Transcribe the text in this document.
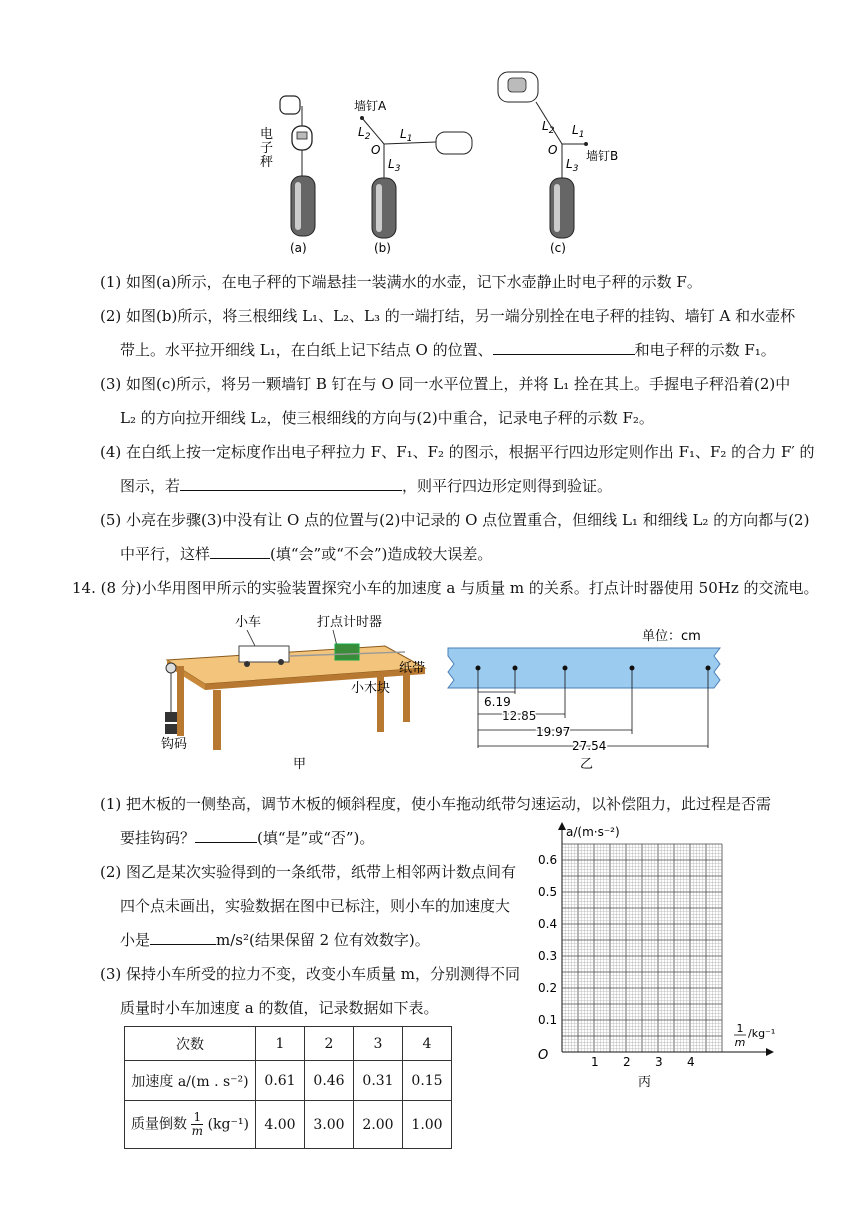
电
子
秤
(a)
墙钉A
$L_2$ $L_1$
O
$L_3$
(b)
墙钉B
$L_2$ $L_1$
O
$L_3$
(c)
(1) 如图(a)所示，在电子秤的下端悬挂一装满水的水壶，记下水壶静止时电子秤的示数 F。
(2) 如图(b)所示，将三根细线 L₁、L₂、L₃ 的一端打结，另一端分别拴在电子秤的挂钩、墙钉 A 和水壶杯
带上。水平拉开细线 L₁，在白纸上记下结点 O 的位置、	和电子秤的示数 F₁。
(3) 如图(c)所示，将另一颗墙钉 B 钉在与 O 同一水平位置上，并将 L₁ 拴在其上。手握电子秤沿着(2)中
L₂ 的方向拉开细线 L₂，使三根细线的方向与(2)中重合，记录电子秤的示数 F₂。
(4) 在白纸上按一定标度作出电子秤拉力 F、F₁、F₂ 的图示，根据平行四边形定则作出 F₁、F₂ 的合力 F′ 的
图示，若	，则平行四边形定则得到验证。
(5) 小亮在步骤(3)中没有让 O 点的位置与(2)中记录的 O 点位置重合，但细线 L₁ 和细线 L₂ 的方向都与(2)
中平行，这样	(填“会”或“不会”)造成较大误差。
14. (8 分)小华用图甲所示的实验装置探究小车的加速度 a 与质量 m 的关系。打点计时器使用 50Hz 的交流电。
小车	打点计时器
纸带
小木块
钩码
甲
单位：cm
6.19
12.85
19.97
27.54
乙
(1) 把木板的一侧垫高，调节木板的倾斜程度，使小车拖动纸带匀速运动，以补偿阻力，此过程是否需
要挂钩码？	(填“是”或“否”)。
(2) 图乙是某次实验得到的一条纸带，纸带上相邻两计数点间有
四个点未画出，实验数据在图中已标注，则小车的加速度大
小是	m/s²(结果保留 2 位有效数字)。
(3) 保持小车所受的拉力不变，改变小车质量 m，分别测得不同
质量时小车加速度 a 的数值，记录数据如下表。
次数	1	2	3	4
加速度 a/(m . s⁻²)	0.61	0.46	0.31	0.15
质量倒数 $\frac{1}{m} (kg^{-1})$	4.00	3.00	2.00	1.00
1 2 3 4
0.1
0.2
0.3
0.4
0.5
0.6
a/(m·s⁻²)
O
1
m
/kg⁻¹
丙
